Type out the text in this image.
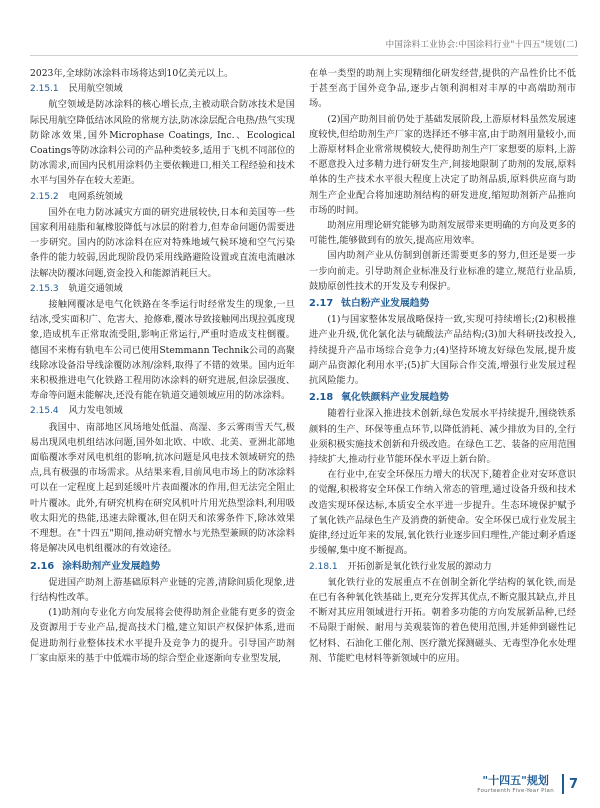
中国涂料工业协会:中国涂料行业"十四五"规划(二)

2023年,全球防冰涂料市场将达到10亿美元以上。

2.15.1 民用航空领域

航空领域是防冰涂料的核心增长点,主被动联合防冰技术是国际民用航空降低结冰风险的常规方法,防冰涂层配合电热/热气实现防除冰效果,国外Microphase Coatings, Inc.、Ecological Coatings等防冰涂料公司的产品种类较多,适用于飞机不同部位的防冰需求,而国内民机用涂料仍主要依赖进口,相关工程经验和技术水平与国外存在较大差距。

2.15.2 电网系统领域

国外在电力防冰减灾方面的研究进展较快,日本和美国等一些国家利用硅脂和氟橡胶降低与冰层的附着力,但寿命问题仍需要进一步研究。国内的防冰涂料在应对特殊地域气候环境和空气污染条件的能力较弱,因此现阶段仍采用线路避险设置或直流电流融冰法解决防覆冰问题,资金投入和能源消耗巨大。

2.15.3 轨道交通领域

接触网覆冰是电气化铁路在冬季运行时经常发生的现象,一旦结冰,受实面积广、危害大、抢修难,覆冰导致接触网出现拉弧度现象,造成机车正常取流受阻,影响正常运行,严重时造成支柱倒覆。德国不来梅有轨电车公司已使用Stemmann Technik公司的高聚线除冰设备沿导线涂覆防冰剂/涂料,取得了不错的效果。国内近年来积极推进电气化铁路工程用防冰涂料的研究进展,但涂层强度、寿命等问题未能解决,还没有能在轨道交通领域应用的防冰涂料。

2.15.4 风力发电领域

我国中、南部地区风场地处低温、高湿、多云雾雨雪天气,极易出现风电机组结冰问题,国外如北欧、中欧、北美、亚洲北部地面临覆冰季对风电机组的影响,抗冰问题是风电技术领域研究的热点,具有极强的市场需求。从结果来看,目前风电市场上的防冰涂料可以在一定程度上起到延缓叶片表面覆冰的作用,但无法完全阻止叶片覆冰。此外,有研究机构在研究风机叶片用光热型涂料,利用吸收太阳光的热能,迅速去除覆冰,但在阴天和浓雾条件下,除冰效果不理想。在"十四五"期间,推动研究憎水与光热型兼顾的防冰涂料将是解决风电机组覆冰的有效途径。

2.16 涂料助剂产业发展趋势

促进国产助剂上游基础原料产业链的完善,清除间质化现象,进行结构性改革。

(1)助剂向专业化方向发展将会使得助剂企业能有更多的资金及资源用于专业产品,提高技术门槛,建立知识产权保护体系,进而促进助剂行业整体技术水平提升及竞争力的提升。引导国产助剂厂家由原来的基于中低端市场的综合型企业逐渐向专业型发展,

在单一类型的助剂上实现精细化研发经营,提供的产品性价比不低于甚至高于国外竞争品,逐步占领利润相对丰厚的中高端助剂市场。

(2)国产助剂目前仍处于基础发展阶段,上游原材料虽然发展速度较快,但给助剂生产厂家的选择还不够丰富,由于助剂用量较小,而上游原材料企业常常规模较大,使得助剂生产厂家想要的原料,上游不愿意投入过多精力进行研发生产,间接地限制了助剂的发展,原料单体的生产技术水平很大程度上决定了助剂品质,原料供应商与助剂生产企业配合将加速助剂结构的研发进度,缩短助剂新产品推向市场的时间。

助剂应用理论研究能够为助剂发展带来更明确的方向及更多的可能性,能够做到有的放矢,提高应用效率。

国内助剂产业从仿制到创新还需要更多的努力,但还是要一步一步向前走。引导助剂企业标准及行业标准的建立,规范行业品质,鼓励原创性技术的开发及专利保护。

2.17 钛白粉产业发展趋势

(1)与国家整体发展战略保持一致,实现可持续增长;(2)积极推进产业升级,优化氯化法与硫酸法产品结构;(3)加大科研技改投入,持续提升产品市场综合竞争力;(4)坚持环境友好绿色发展,提升废副产品资源化利用水平;(5)扩大国际合作交流,增强行业发展过程抗风险能力。

2.18 氧化铁颜料产业发展趋势

随着行业深入推进技术创新,绿色发展水平持续提升,围绕铁系颜料的生产、环保等重点环节,以降低消耗、减少排放为目的,全行业须积极实施技术创新和升级改造。在绿色工艺、装备的应用范围持续扩大,推动行业节能环保水平迈上新台阶。

在行业中,在安全环保压力增大的状况下,随着企业对安环意识的觉醒,积极将安全环保工作纳入常态的管理,通过设备升级和技术改造实现环保达标,本质安全水平进一步提升。生态环境保护赋予了氧化铁产品绿色生产及消费的新使命。安全环保已成行业发展主旋律,经过近年来的发展,氧化铁行业逐步回归理性,产能过剩矛盾逐步缓解,集中度不断提高。

2.18.1 开拓创新是氧化铁行业发展的源动力

氧化铁行业的发展重点不在创制全新化学结构的氧化铁,而是在已有各种氧化铁基础上,更充分发挥其优点,不断克服其缺点,并且不断对其应用领域进行开拓。朝着多功能的方向发展新品种,已经不局限于耐候、耐用与美观装饰的着色使用范围,并延伸到磁性记忆材料、石油化工催化剂、医疗激光探测磁头、无毒型净化水处理剂、节能贮电材料等新领域中的应用。

"十四五"规划
Fourteenth Five-Year Plan 7
